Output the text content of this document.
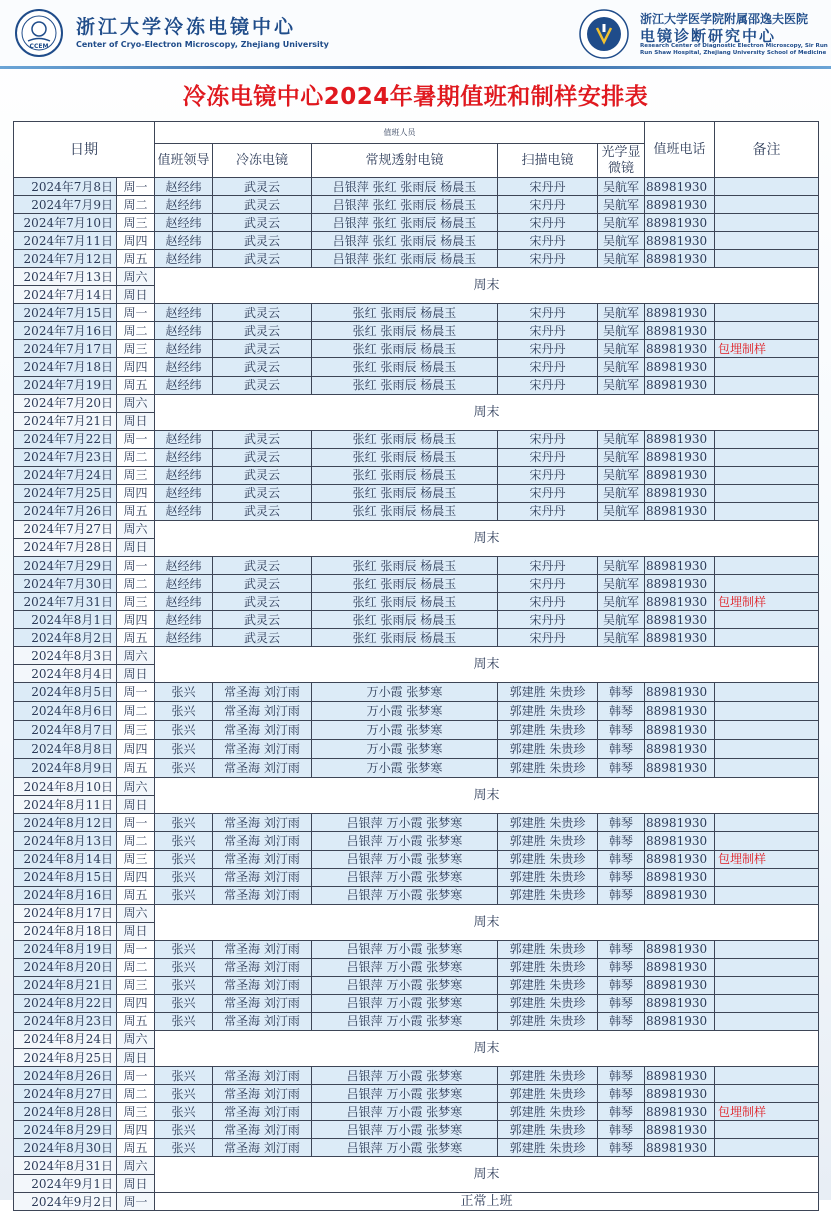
CCEM
浙江大学冷冻电镜中心
Center of Cryo-Electron Microscopy, Zhejiang University
浙江大学医学院附属邵逸夫医院
电镜诊断研究中心
Research Center of Diagnostic Electron Microscopy, Sir Run Run Shaw Hospital, Zhejiang University School of Medicine
冷冻电镜中心2024年暑期值班和制样安排表
日期		值班人员					值班电话	备注
		值班领导	冷冻电镜	常规透射电镜	扫描电镜	光学显微镜		
2024年7月8日	周一	赵经纬	武灵云	吕银萍 张红 张雨辰 杨晨玉	宋丹丹	吴航军	88981930	
2024年7月9日	周二	赵经纬	武灵云	吕银萍 张红 张雨辰 杨晨玉	宋丹丹	吴航军	88981930	
2024年7月10日	周三	赵经纬	武灵云	吕银萍 张红 张雨辰 杨晨玉	宋丹丹	吴航军	88981930	
2024年7月11日	周四	赵经纬	武灵云	吕银萍 张红 张雨辰 杨晨玉	宋丹丹	吴航军	88981930	
2024年7月12日	周五	赵经纬	武灵云	吕银萍 张红 张雨辰 杨晨玉	宋丹丹	吴航军	88981930	
2024年7月13日	周六	周末						
2024年7月14日	周日							
2024年7月15日	周一	赵经纬	武灵云	张红 张雨辰 杨晨玉	宋丹丹	吴航军	88981930	
2024年7月16日	周二	赵经纬	武灵云	张红 张雨辰 杨晨玉	宋丹丹	吴航军	88981930	
2024年7月17日	周三	赵经纬	武灵云	张红 张雨辰 杨晨玉	宋丹丹	吴航军	88981930	包埋制样
2024年7月18日	周四	赵经纬	武灵云	张红 张雨辰 杨晨玉	宋丹丹	吴航军	88981930	
2024年7月19日	周五	赵经纬	武灵云	张红 张雨辰 杨晨玉	宋丹丹	吴航军	88981930	
2024年7月20日	周六	周末						
2024年7月21日	周日							
2024年7月22日	周一	赵经纬	武灵云	张红 张雨辰 杨晨玉	宋丹丹	吴航军	88981930	
2024年7月23日	周二	赵经纬	武灵云	张红 张雨辰 杨晨玉	宋丹丹	吴航军	88981930	
2024年7月24日	周三	赵经纬	武灵云	张红 张雨辰 杨晨玉	宋丹丹	吴航军	88981930	
2024年7月25日	周四	赵经纬	武灵云	张红 张雨辰 杨晨玉	宋丹丹	吴航军	88981930	
2024年7月26日	周五	赵经纬	武灵云	张红 张雨辰 杨晨玉	宋丹丹	吴航军	88981930	
2024年7月27日	周六	周末						
2024年7月28日	周日							
2024年7月29日	周一	赵经纬	武灵云	张红 张雨辰 杨晨玉	宋丹丹	吴航军	88981930	
2024年7月30日	周二	赵经纬	武灵云	张红 张雨辰 杨晨玉	宋丹丹	吴航军	88981930	
2024年7月31日	周三	赵经纬	武灵云	张红 张雨辰 杨晨玉	宋丹丹	吴航军	88981930	包埋制样
2024年8月1日	周四	赵经纬	武灵云	张红 张雨辰 杨晨玉	宋丹丹	吴航军	88981930	
2024年8月2日	周五	赵经纬	武灵云	张红 张雨辰 杨晨玉	宋丹丹	吴航军	88981930	
2024年8月3日	周六	周末						
2024年8月4日	周日							
2024年8月5日	周一	张兴	常圣海 刘汀雨	万小霞 张梦寒	郭建胜 朱贵珍	韩琴	88981930	
2024年8月6日	周二	张兴	常圣海 刘汀雨	万小霞 张梦寒	郭建胜 朱贵珍	韩琴	88981930	
2024年8月7日	周三	张兴	常圣海 刘汀雨	万小霞 张梦寒	郭建胜 朱贵珍	韩琴	88981930	
2024年8月8日	周四	张兴	常圣海 刘汀雨	万小霞 张梦寒	郭建胜 朱贵珍	韩琴	88981930	
2024年8月9日	周五	张兴	常圣海 刘汀雨	万小霞 张梦寒	郭建胜 朱贵珍	韩琴	88981930	
2024年8月10日	周六	周末						
2024年8月11日	周日							
2024年8月12日	周一	张兴	常圣海 刘汀雨	吕银萍 万小霞 张梦寒	郭建胜 朱贵珍	韩琴	88981930	
2024年8月13日	周二	张兴	常圣海 刘汀雨	吕银萍 万小霞 张梦寒	郭建胜 朱贵珍	韩琴	88981930	
2024年8月14日	周三	张兴	常圣海 刘汀雨	吕银萍 万小霞 张梦寒	郭建胜 朱贵珍	韩琴	88981930	包埋制样
2024年8月15日	周四	张兴	常圣海 刘汀雨	吕银萍 万小霞 张梦寒	郭建胜 朱贵珍	韩琴	88981930	
2024年8月16日	周五	张兴	常圣海 刘汀雨	吕银萍 万小霞 张梦寒	郭建胜 朱贵珍	韩琴	88981930	
2024年8月17日	周六	周末						
2024年8月18日	周日							
2024年8月19日	周一	张兴	常圣海 刘汀雨	吕银萍 万小霞 张梦寒	郭建胜 朱贵珍	韩琴	88981930	
2024年8月20日	周二	张兴	常圣海 刘汀雨	吕银萍 万小霞 张梦寒	郭建胜 朱贵珍	韩琴	88981930	
2024年8月21日	周三	张兴	常圣海 刘汀雨	吕银萍 万小霞 张梦寒	郭建胜 朱贵珍	韩琴	88981930	
2024年8月22日	周四	张兴	常圣海 刘汀雨	吕银萍 万小霞 张梦寒	郭建胜 朱贵珍	韩琴	88981930	
2024年8月23日	周五	张兴	常圣海 刘汀雨	吕银萍 万小霞 张梦寒	郭建胜 朱贵珍	韩琴	88981930	
2024年8月24日	周六	周末						
2024年8月25日	周日							
2024年8月26日	周一	张兴	常圣海 刘汀雨	吕银萍 万小霞 张梦寒	郭建胜 朱贵珍	韩琴	88981930	
2024年8月27日	周二	张兴	常圣海 刘汀雨	吕银萍 万小霞 张梦寒	郭建胜 朱贵珍	韩琴	88981930	
2024年8月28日	周三	张兴	常圣海 刘汀雨	吕银萍 万小霞 张梦寒	郭建胜 朱贵珍	韩琴	88981930	包埋制样
2024年8月29日	周四	张兴	常圣海 刘汀雨	吕银萍 万小霞 张梦寒	郭建胜 朱贵珍	韩琴	88981930	
2024年8月30日	周五	张兴	常圣海 刘汀雨	吕银萍 万小霞 张梦寒	郭建胜 朱贵珍	韩琴	88981930	
2024年8月31日	周六	周末						
2024年9月1日	周日							
2024年9月2日	周一	正常上班						
